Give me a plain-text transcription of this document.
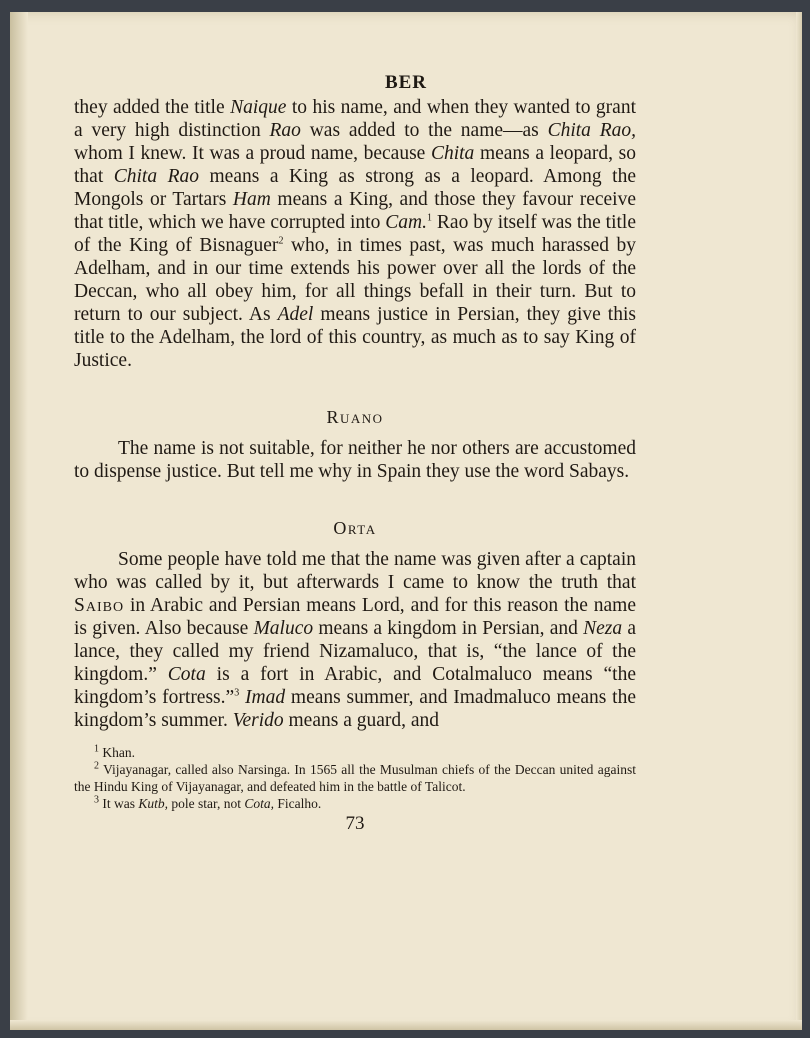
BER

they added the title Naique to his name, and when they wanted to grant a very high distinction Rao was added to the name—as Chita Rao, whom I knew. It was a proud name, because Chita means a leopard, so that Chita Rao means a King as strong as a leopard. Among the Mongols or Tartars Ham means a King, and those they favour receive that title, which we have corrupted into Cam.$^1$ Rao by itself was the title of the King of Bisnaguer$^2$ who, in times past, was much harassed by Adelham, and in our time extends his power over all the lords of the Deccan, who all obey him, for all things befall in their turn. But to return to our subject. As Adel means justice in Persian, they give this title to the Adelham, the lord of this country, as much as to say King of Justice.

Ruano

The name is not suitable, for neither he nor others are accustomed to dispense justice. But tell me why in Spain they use the word Sabays.

Orta

Some people have told me that the name was given after a captain who was called by it, but afterwards I came to know the truth that Saibo in Arabic and Persian means Lord, and for this reason the name is given. Also because Maluco means a kingdom in Persian, and Neza a lance, they called my friend Nizamaluco, that is, “the lance of the kingdom.” Cota is a fort in Arabic, and Cotalmaluco means “the kingdom’s fortress.”$^3$ Imad means summer, and Imadmaluco means the kingdom’s summer. Verido means a guard, and

$^1$ Khan.

$^2$ Vijayanagar, called also Narsinga. In 1565 all the Musulman chiefs of the Deccan united against the Hindu King of Vijayanagar, and defeated him in the battle of Talicot.

$^3$ It was Kutb, pole star, not Cota, Ficalho.

73
